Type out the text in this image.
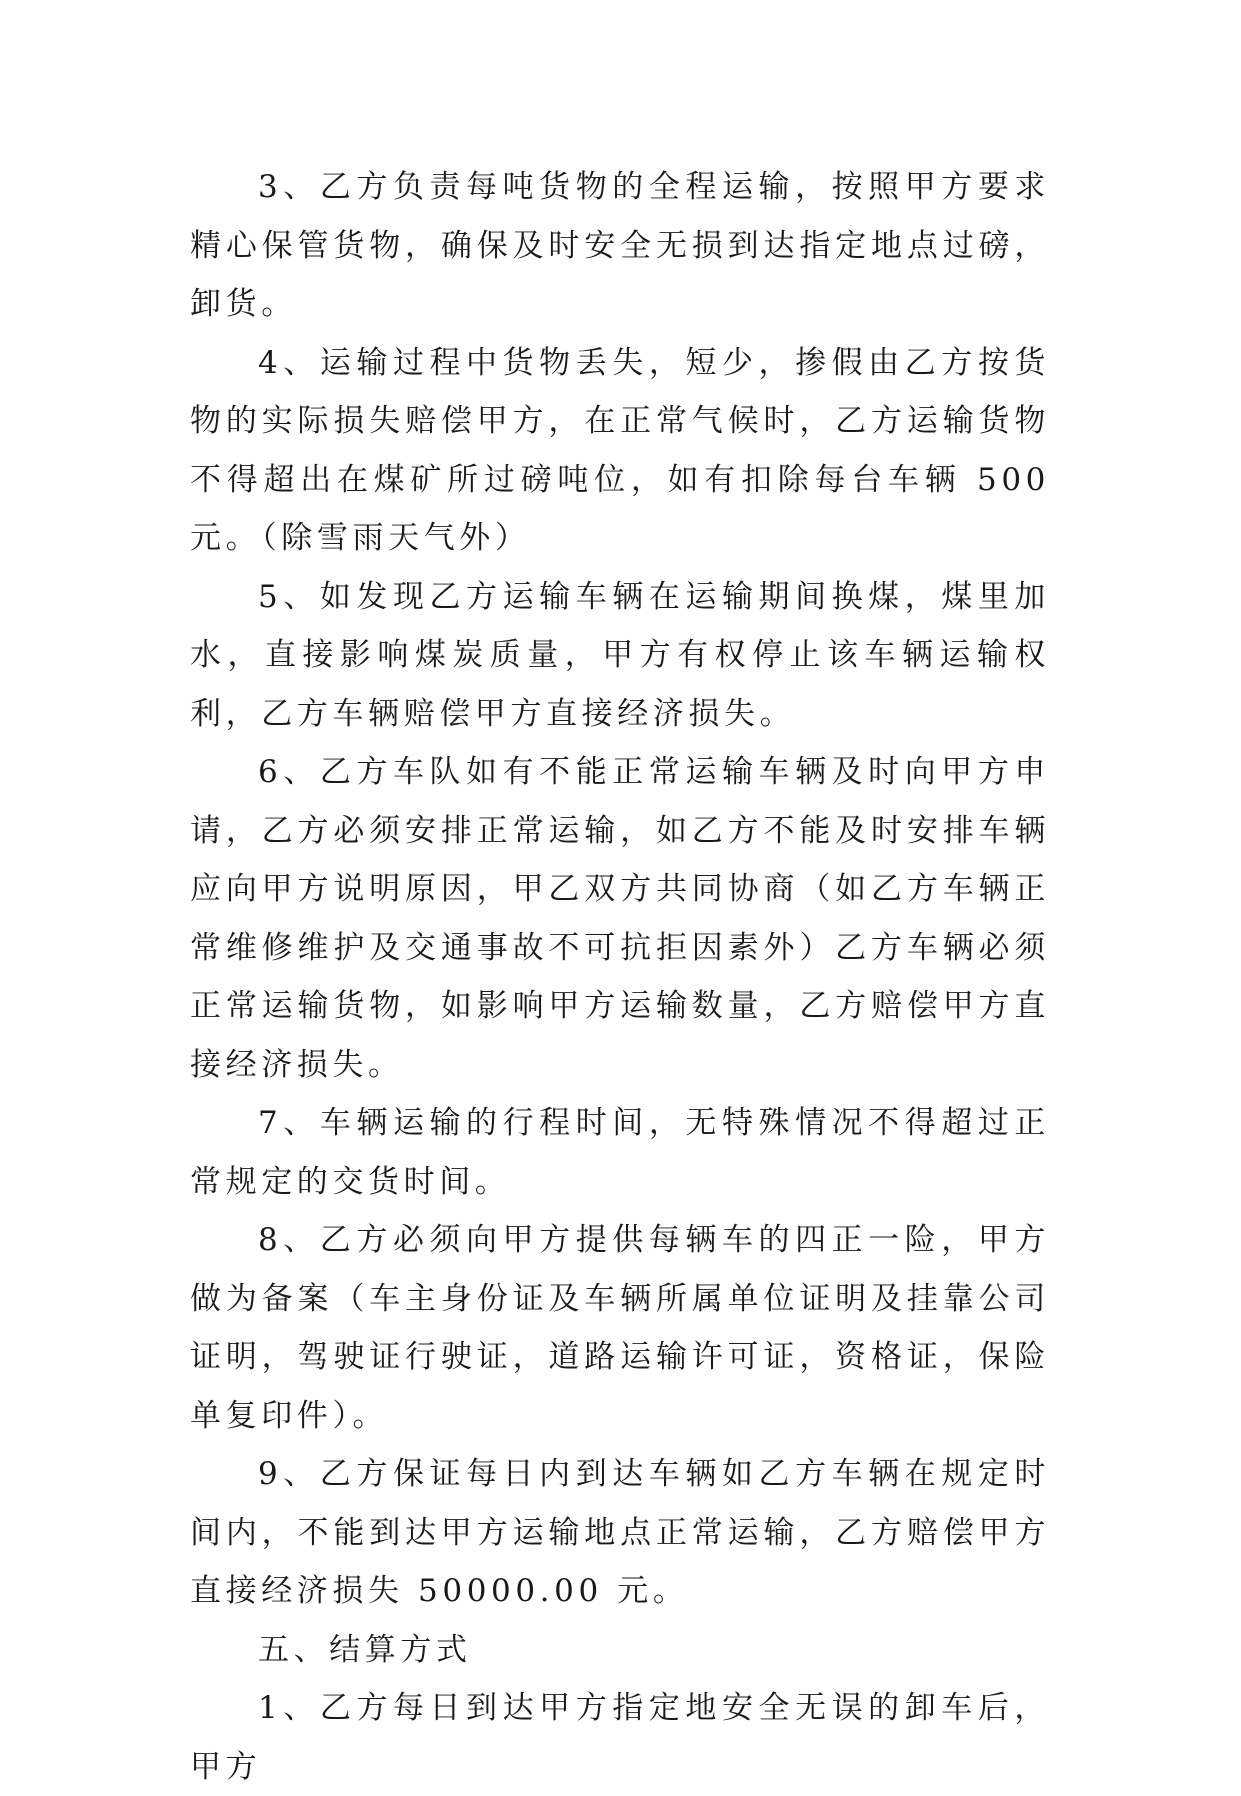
3、乙方负责每吨货物的全程运输，按照甲方要求精心保管货物，确保及时安全无损到达指定地点过磅，卸货。

4、运输过程中货物丢失，短少，掺假由乙方按货物的实际损失赔偿甲方，在正常气候时，乙方运输货物不得超出在煤矿所过磅吨位，如有扣除每台车辆 500 元。（除雪雨天气外）

5、如发现乙方运输车辆在运输期间换煤，煤里加水，直接影响煤炭质量，甲方有权停止该车辆运输权利，乙方车辆赔偿甲方直接经济损失。

6、乙方车队如有不能正常运输车辆及时向甲方申请，乙方必须安排正常运输，如乙方不能及时安排车辆应向甲方说明原因，甲乙双方共同协商（如乙方车辆正常维修维护及交通事故不可抗拒因素外）乙方车辆必须正常运输货物，如影响甲方运输数量，乙方赔偿甲方直接经济损失。

7、车辆运输的行程时间，无特殊情况不得超过正常规定的交货时间。

8、乙方必须向甲方提供每辆车的四正一险，甲方做为备案（车主身份证及车辆所属单位证明及挂靠公司证明，驾驶证行驶证，道路运输许可证，资格证，保险单复印件）。

9、乙方保证每日内到达车辆如乙方车辆在规定时间内，不能到达甲方运输地点正常运输，乙方赔偿甲方直接经济损失 50000.00 元。

五、结算方式

1、乙方每日到达甲方指定地安全无误的卸车后，甲方
